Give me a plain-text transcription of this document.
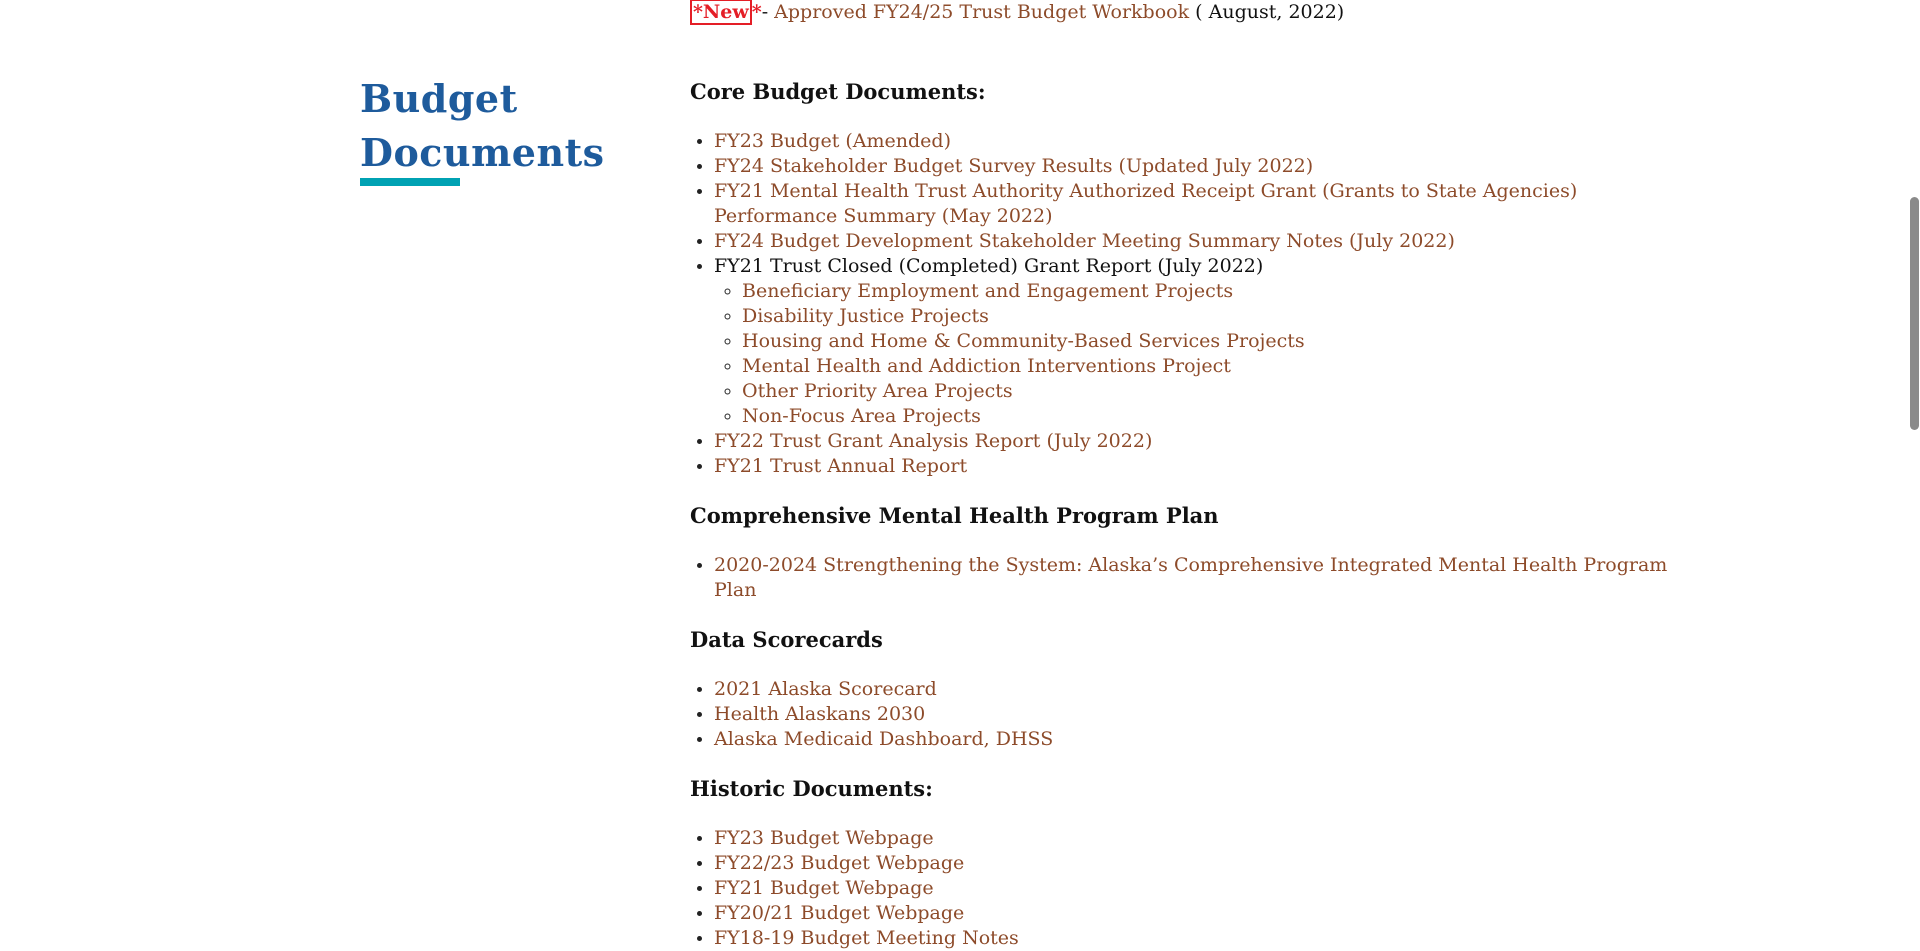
Budget
Documents

*New *- Approved FY24/25 Trust Budget Workbook ( August, 2022)

Core Budget Documents:
• FY23 Budget (Amended)
• FY24 Stakeholder Budget Survey Results (Updated July 2022)
• FY21 Mental Health Trust Authority Authorized Receipt Grant (Grants to State Agencies) Performance Summary (May 2022)
• FY24 Budget Development Stakeholder Meeting Summary Notes (July 2022)
• FY21 Trust Closed (Completed) Grant Report (July 2022)
◦ Beneficiary Employment and Engagement Projects
◦ Disability Justice Projects
◦ Housing and Home & Community-Based Services Projects
◦ Mental Health and Addiction Interventions Project
◦ Other Priority Area Projects
◦ Non-Focus Area Projects
• FY22 Trust Grant Analysis Report (July 2022)
• FY21 Trust Annual Report
Comprehensive Mental Health Program Plan
• 2020-2024 Strengthening the System: Alaska’s Comprehensive Integrated Mental Health Program Plan
Data Scorecards
• 2021 Alaska Scorecard
• Health Alaskans 2030
• Alaska Medicaid Dashboard, DHSS
Historic Documents:
• FY23 Budget Webpage
• FY22/23 Budget Webpage
• FY21 Budget Webpage
• FY20/21 Budget Webpage
• FY18-19 Budget Meeting Notes
